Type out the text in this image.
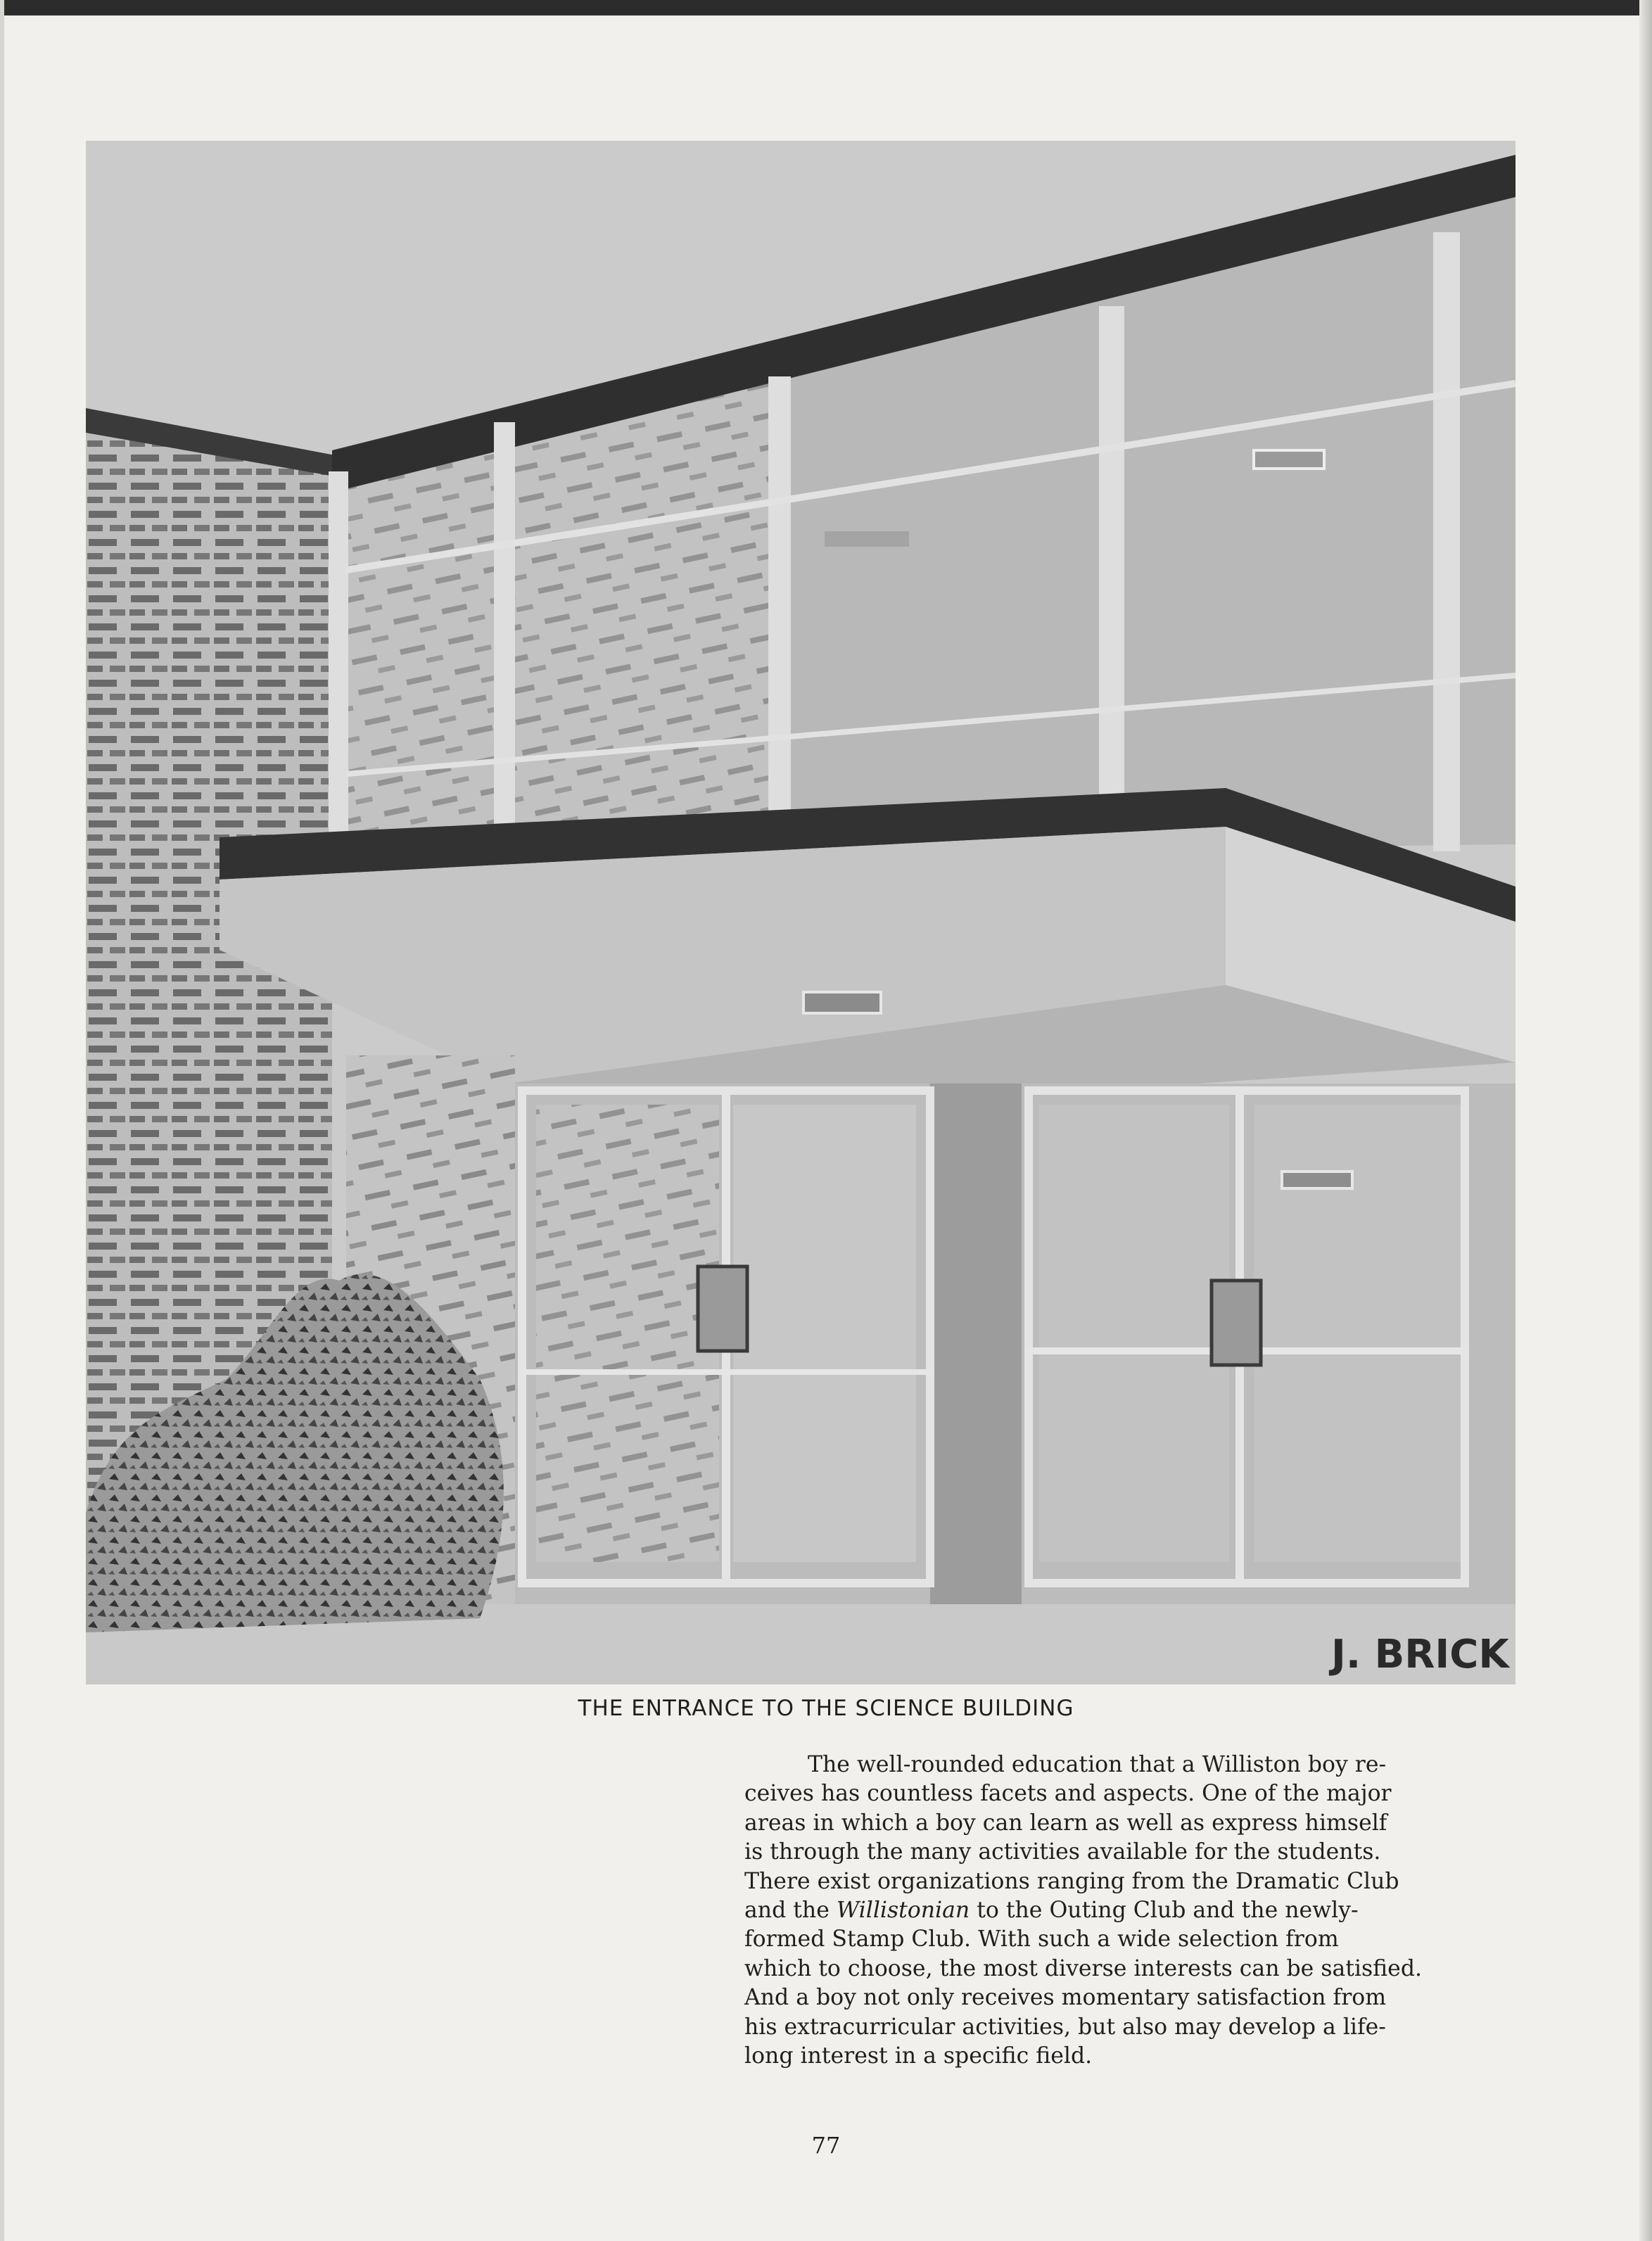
J. BRICK
THE ENTRANCE TO THE SCIENCE BUILDING
The well-rounded education that a Williston boy re-
ceives has countless facets and aspects. One of the major
areas in which a boy can learn as well as express himself
is through the many activities available for the students.
There exist organizations ranging from the Dramatic Club
and the Willistonian to the Outing Club and the newly-
formed Stamp Club. With such a wide selection from
which to choose, the most diverse interests can be satisfied.
And a boy not only receives momentary satisfaction from
his extracurricular activities, but also may develop a life-
long interest in a specific field.
77
